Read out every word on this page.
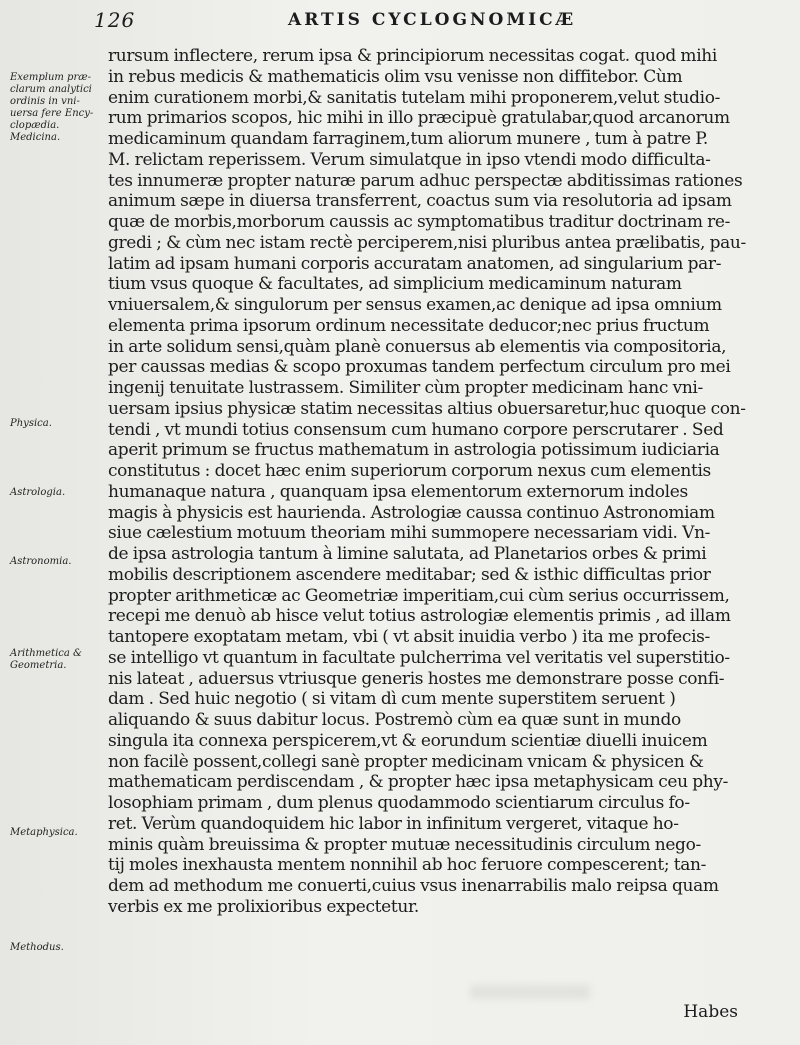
126	ARTIS CYCLOGNOMICÆ
Exemplum præ-
clarum analytici
ordinis in vni-
uersa fere Ency-
clopædia.
Medicina.
Physica.
Astrologia.
Astronomia.
Arithmetica &
Geometria.
Metaphysica.
Methodus.
rursum inflectere, rerum ipsa & principiorum necessitas cogat. quod mihi
in rebus medicis & mathematicis olim vsu venisse non diffitebor. Cùm
enim curationem morbi,& sanitatis tutelam mihi proponerem,velut studio-
rum primarios scopos, hic mihi in illo præcipuè gratulabar,quod arcanorum
medicaminum quandam farraginem,tum aliorum munere , tum à patre P.
M. relictam reperissem. Verum simulatque in ipso vtendi modo difficulta-
tes innumeræ propter naturæ parum adhuc perspectæ abditissimas rationes
animum sæpe in diuersa transferrent, coactus sum via resolutoria ad ipsam
quæ de morbis,morborum caussis ac symptomatibus traditur doctrinam re-
gredi ; & cùm nec istam rectè perciperem,nisi pluribus antea prælibatis, pau-
latim ad ipsam humani corporis accuratam anatomen, ad singularium par-
tium vsus quoque & facultates, ad simplicium medicaminum naturam
vniuersalem,& singulorum per sensus examen,ac denique ad ipsa omnium
elementa prima ipsorum ordinum necessitate deducor;nec prius fructum
in arte solidum sensi,quàm planè conuersus ab elementis via compositoria,
per caussas medias & scopo proxumas tandem perfectum circulum pro mei
ingenij tenuitate lustrassem. Similiter cùm propter medicinam hanc vni-
uersam ipsius physicæ statim necessitas altius obuersaretur,huc quoque con-
tendi , vt mundi totius consensum cum humano corpore perscrutarer . Sed
aperit primum se fructus mathematum in astrologia potissimum iudiciaria
constitutus : docet hæc enim superiorum corporum nexus cum elementis
humanaque natura , quanquam ipsa elementorum externorum indoles
magis à physicis est haurienda. Astrologiæ caussa continuo Astronomiam
siue cælestium motuum theoriam mihi summopere necessariam vidi. Vn-
de ipsa astrologia tantum à limine salutata, ad Planetarios orbes & primi
mobilis descriptionem ascendere meditabar; sed & isthic difficultas prior
propter arithmeticæ ac Geometriæ imperitiam,cui cùm serius occurrissem,
recepi me denuò ab hisce velut totius astrologiæ elementis primis , ad illam
tantopere exoptatam metam, vbi ( vt absit inuidia verbo ) ita me profecis-
se intelligo vt quantum in facultate pulcherrima vel veritatis vel superstitio-
nis lateat , aduersus vtriusque generis hostes me demonstrare posse confi-
dam . Sed huic negotio ( si vitam dì cum mente superstitem seruent )
aliquando & suus dabitur locus. Postremò cùm ea quæ sunt in mundo
singula ita connexa perspicerem,vt & eorundum scientiæ diuelli inuicem
non facilè possent,collegi sanè propter medicinam vnicam & physicen &
mathematicam perdiscendam , & propter hæc ipsa metaphysicam ceu phy-
losophiam primam , dum plenus quodammodo scientiarum circulus fo-
ret. Verùm quandoquidem hic labor in infinitum vergeret, vitaque ho-
minis quàm breuissima & propter mutuæ necessitudinis circulum nego-
tij moles inexhausta mentem nonnihil ab hoc feruore compescerent; tan-
dem ad methodum me conuerti,cuius vsus inenarrabilis malo reipsa quam
verbis ex me prolixioribus expectetur.
Habes
